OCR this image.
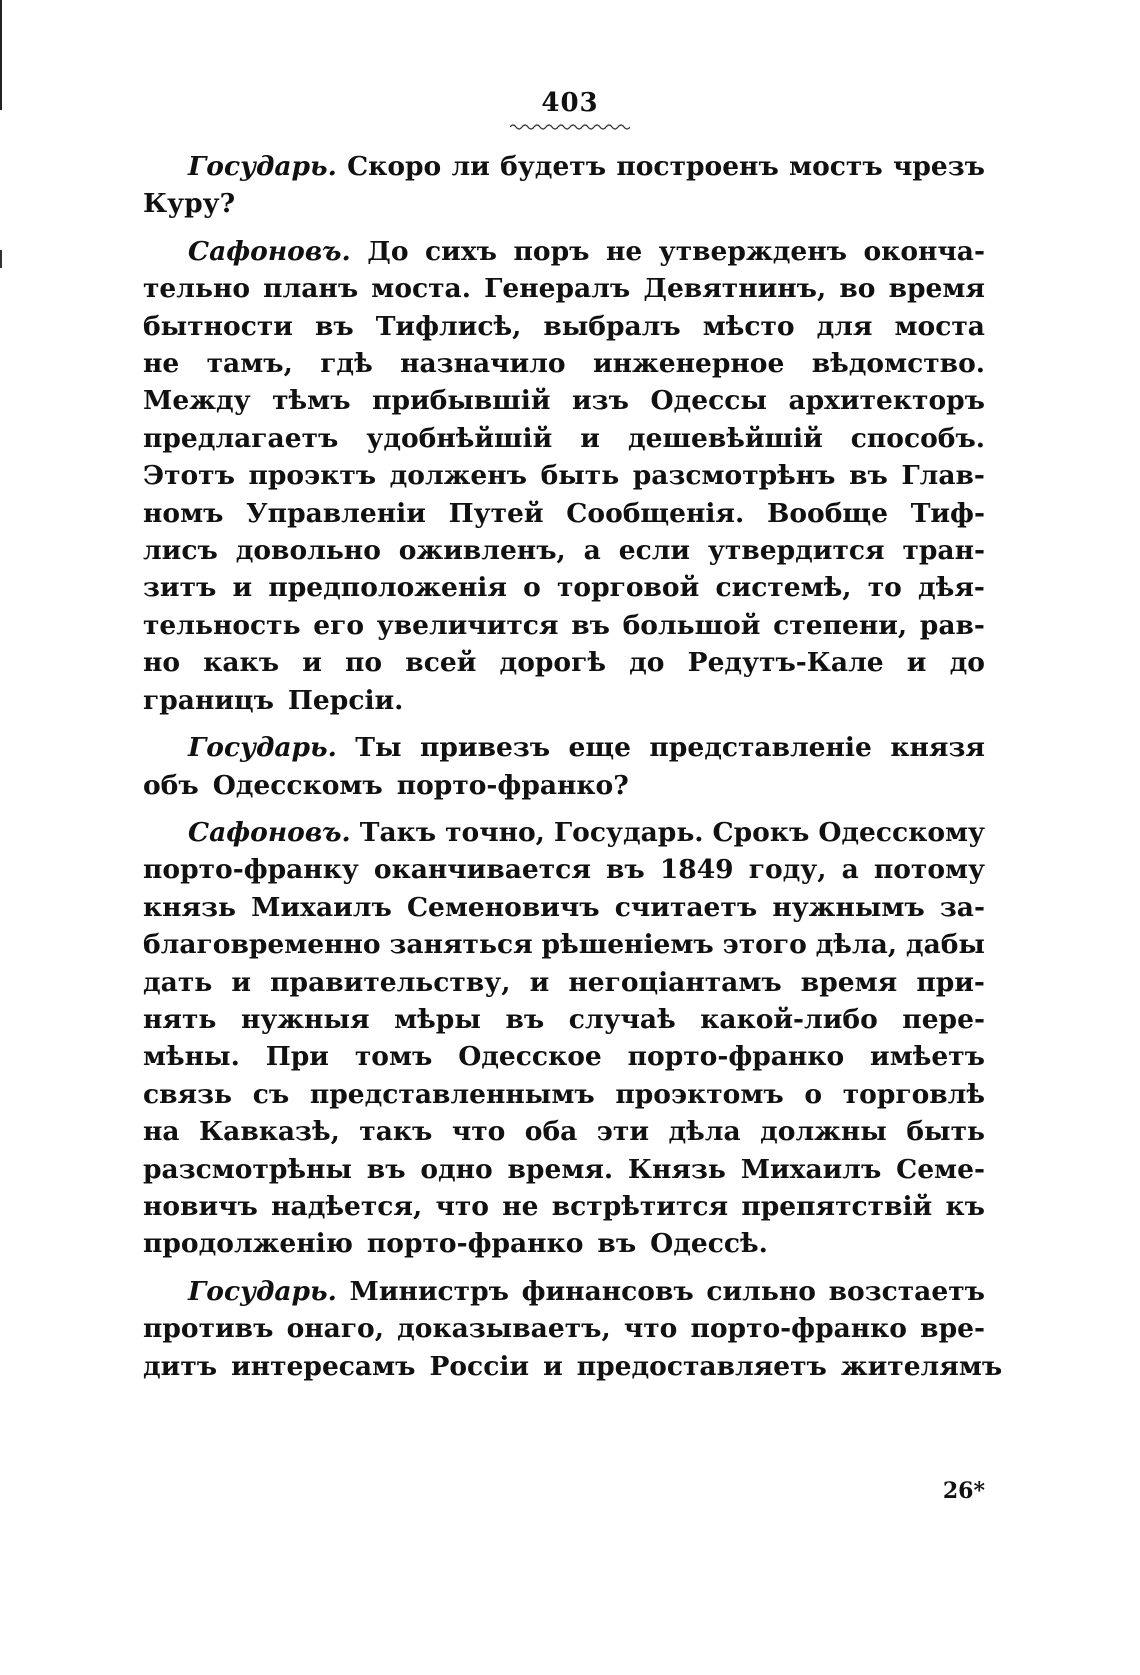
403
Государь. Скоро ли будетъ построенъ мостъ чрезъ
Куру?
Сафоновъ. До сихъ поръ не утвержденъ оконча-
тельно планъ моста. Генералъ Девятнинъ, во время
бытности въ Тифлисѣ, выбралъ мѣсто для моста
не тамъ, гдѣ назначило инженерное вѣдомство.
Между тѣмъ прибывшій изъ Одессы архитекторъ
предлагаетъ удобнѣйшій и дешевѣйшій способъ.
Этотъ проэктъ долженъ быть разсмотрѣнъ въ Глав-
номъ Управленіи Путей Сообщенія. Вообще Тиф-
лисъ довольно оживленъ, а если утвердится тран-
зитъ и предположенія о торговой системѣ, то дѣя-
тельность его увеличится въ большой степени, рав-
но какъ и по всей дорогѣ до Редутъ-Кале и до
границъ Персіи.
Государь. Ты привезъ еще представленіе князя
объ Одесскомъ порто-франко?
Сафоновъ. Такъ точно, Государь. Срокъ Одесскому
порто-франку оканчивается въ 1849 году, а потому
князь Михаилъ Семеновичъ считаетъ нужнымъ за-
благовременно заняться рѣшеніемъ этого дѣла, дабы
дать и правительству, и негоціантамъ время при-
нять нужныя мѣры въ случаѣ какой-либо пере-
мѣны. При томъ Одесское порто-франко имѣетъ
связь съ представленнымъ проэктомъ о торговлѣ
на Кавказѣ, такъ что оба эти дѣла должны быть
разсмотрѣны въ одно время. Князь Михаилъ Семе-
новичъ надѣется, что не встрѣтится препятствій къ
продолженію порто-франко въ Одессѣ.
Государь. Министръ финансовъ сильно возстаетъ
противъ онаго, доказываетъ, что порто-франко вре-
дитъ интересамъ Россіи и предоставляетъ жителямъ
26*
